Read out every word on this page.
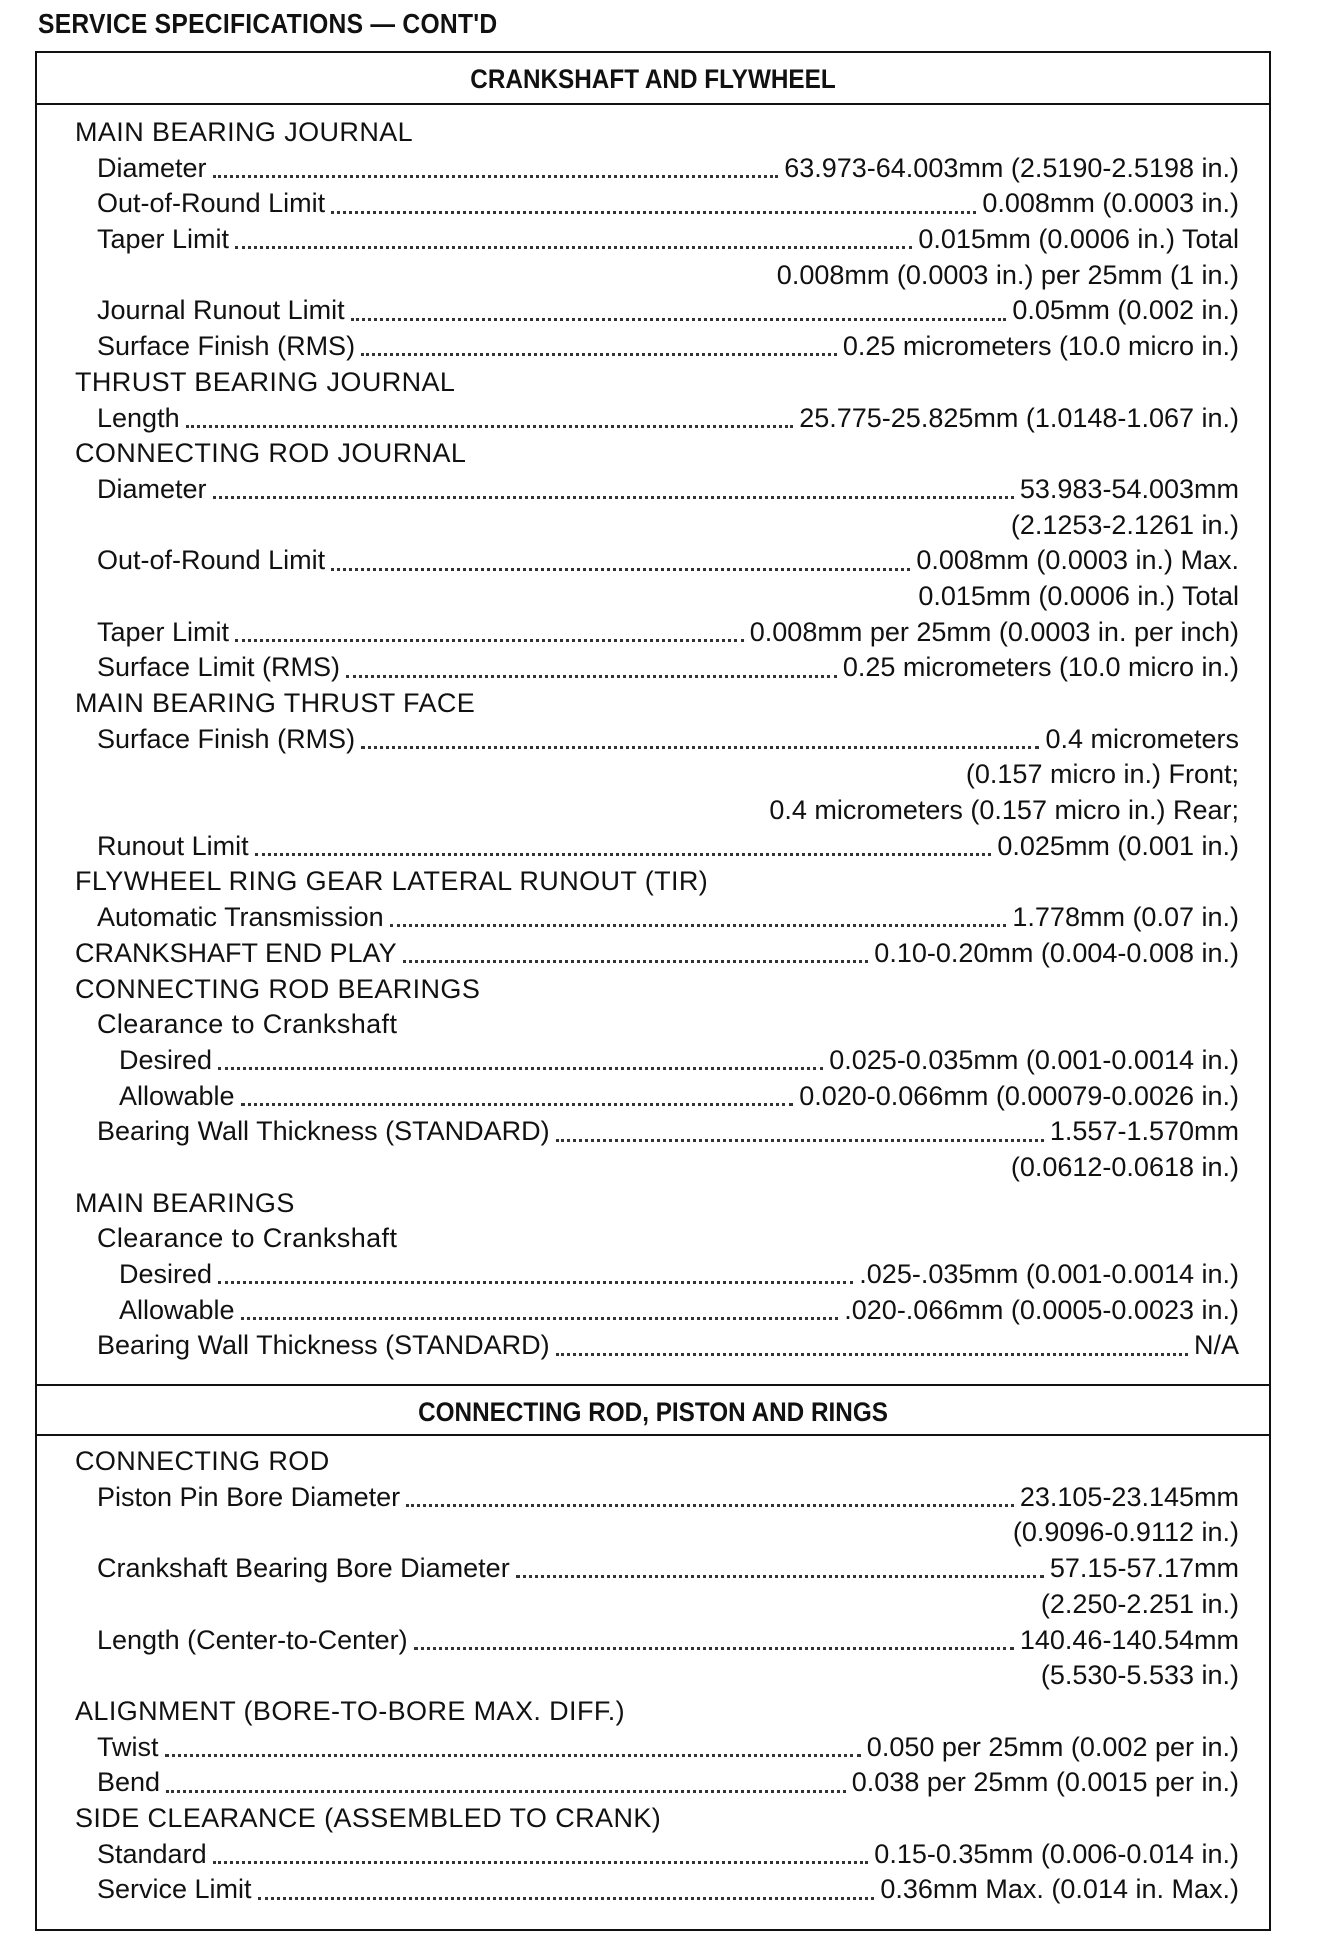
SERVICE SPECIFICATIONS — CONT'D
CRANKSHAFT AND FLYWHEEL
MAIN BEARING JOURNAL
Diameter	63.973-64.003mm (2.5190-2.5198 in.)
Out-of-Round Limit	0.008mm (0.0003 in.)
Taper Limit	0.015mm (0.0006 in.) Total
0.008mm (0.0003 in.) per 25mm (1 in.)
Journal Runout Limit	0.05mm (0.002 in.)
Surface Finish (RMS)	0.25 micrometers (10.0 micro in.)
THRUST BEARING JOURNAL
Length	25.775-25.825mm (1.0148-1.067 in.)
CONNECTING ROD JOURNAL
Diameter	53.983-54.003mm
(2.1253-2.1261 in.)
Out-of-Round Limit	0.008mm (0.0003 in.) Max.
0.015mm (0.0006 in.) Total
Taper Limit	0.008mm per 25mm (0.0003 in. per inch)
Surface Limit (RMS)	0.25 micrometers (10.0 micro in.)
MAIN BEARING THRUST FACE
Surface Finish (RMS)	0.4 micrometers
(0.157 micro in.) Front;
0.4 micrometers (0.157 micro in.) Rear;
Runout Limit	0.025mm (0.001 in.)
FLYWHEEL RING GEAR LATERAL RUNOUT (TIR)
Automatic Transmission	1.778mm (0.07 in.)
CRANKSHAFT END PLAY	0.10-0.20mm (0.004-0.008 in.)
CONNECTING ROD BEARINGS
Clearance to Crankshaft
Desired	0.025-0.035mm (0.001-0.0014 in.)
Allowable	0.020-0.066mm (0.00079-0.0026 in.)
Bearing Wall Thickness (STANDARD)	1.557-1.570mm
(0.0612-0.0618 in.)
MAIN BEARINGS
Clearance to Crankshaft
Desired	.025-.035mm (0.001-0.0014 in.)
Allowable	.020-.066mm (0.0005-0.0023 in.)
Bearing Wall Thickness (STANDARD)	N/A
CONNECTING ROD, PISTON AND RINGS
CONNECTING ROD
Piston Pin Bore Diameter	23.105-23.145mm
(0.9096-0.9112 in.)
Crankshaft Bearing Bore Diameter	57.15-57.17mm
(2.250-2.251 in.)
Length (Center-to-Center)	140.46-140.54mm
(5.530-5.533 in.)
ALIGNMENT (BORE-TO-BORE MAX. DIFF.)
Twist	0.050 per 25mm (0.002 per in.)
Bend	0.038 per 25mm (0.0015 per in.)
SIDE CLEARANCE (ASSEMBLED TO CRANK)
Standard	0.15-0.35mm (0.006-0.014 in.)
Service Limit	0.36mm Max. (0.014 in. Max.)
